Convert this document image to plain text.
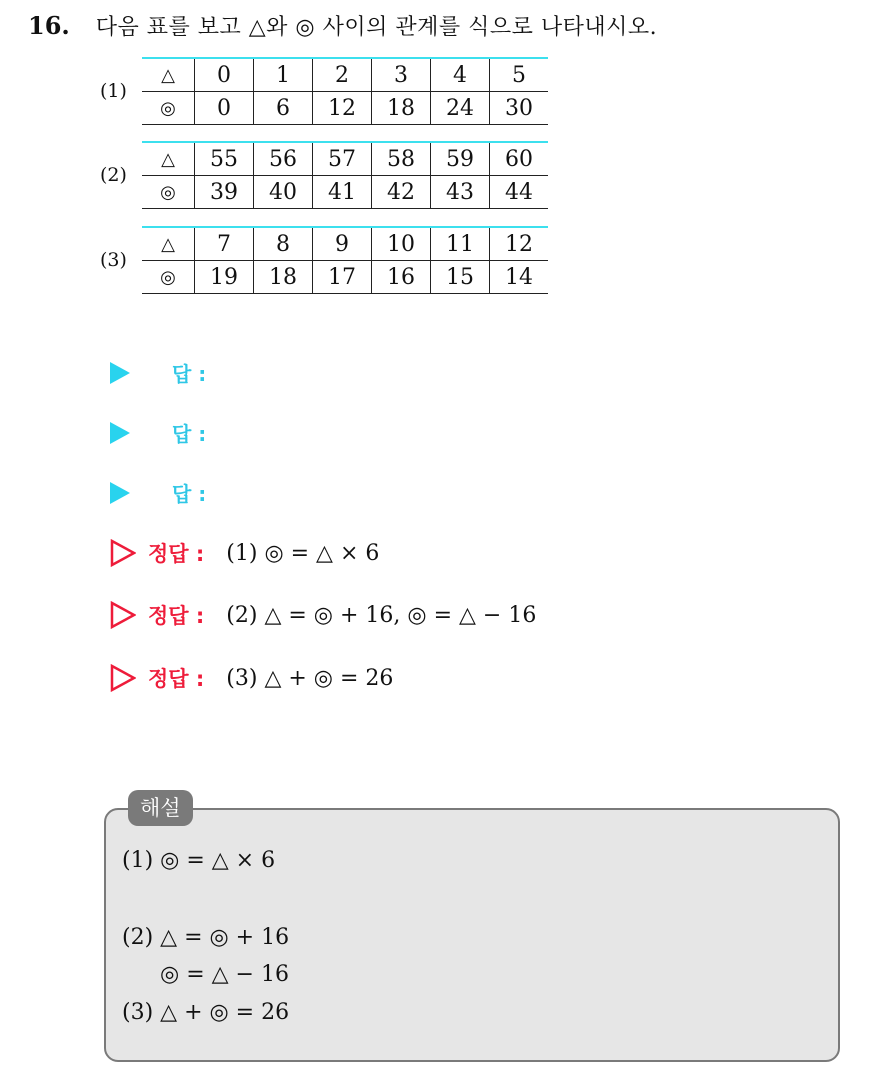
16. 다음 표를 보고 △와 ◎ 사이의 관계를 식으로 나타내시오.
(1)
△	0	1	2	3	4	5
◎	0	6	12	18	24	30
(2)
△	55	56	57	58	59	60
◎	39	40	41	42	43	44
(3)
△	7	8	9	10	11	12
◎	19	18	17	16	15	14
답 :
답 :
답 :
정답 : (1) ◎ = △ × 6
정답 : (2) △ = ◎ + 16, ◎ = △ − 16
정답 : (3) △ + ◎ = 26
해설
(1) ◎ = △ × 6
(2) △ = ◎ + 16
◎ = △ − 16
(3) △ + ◎ = 26
